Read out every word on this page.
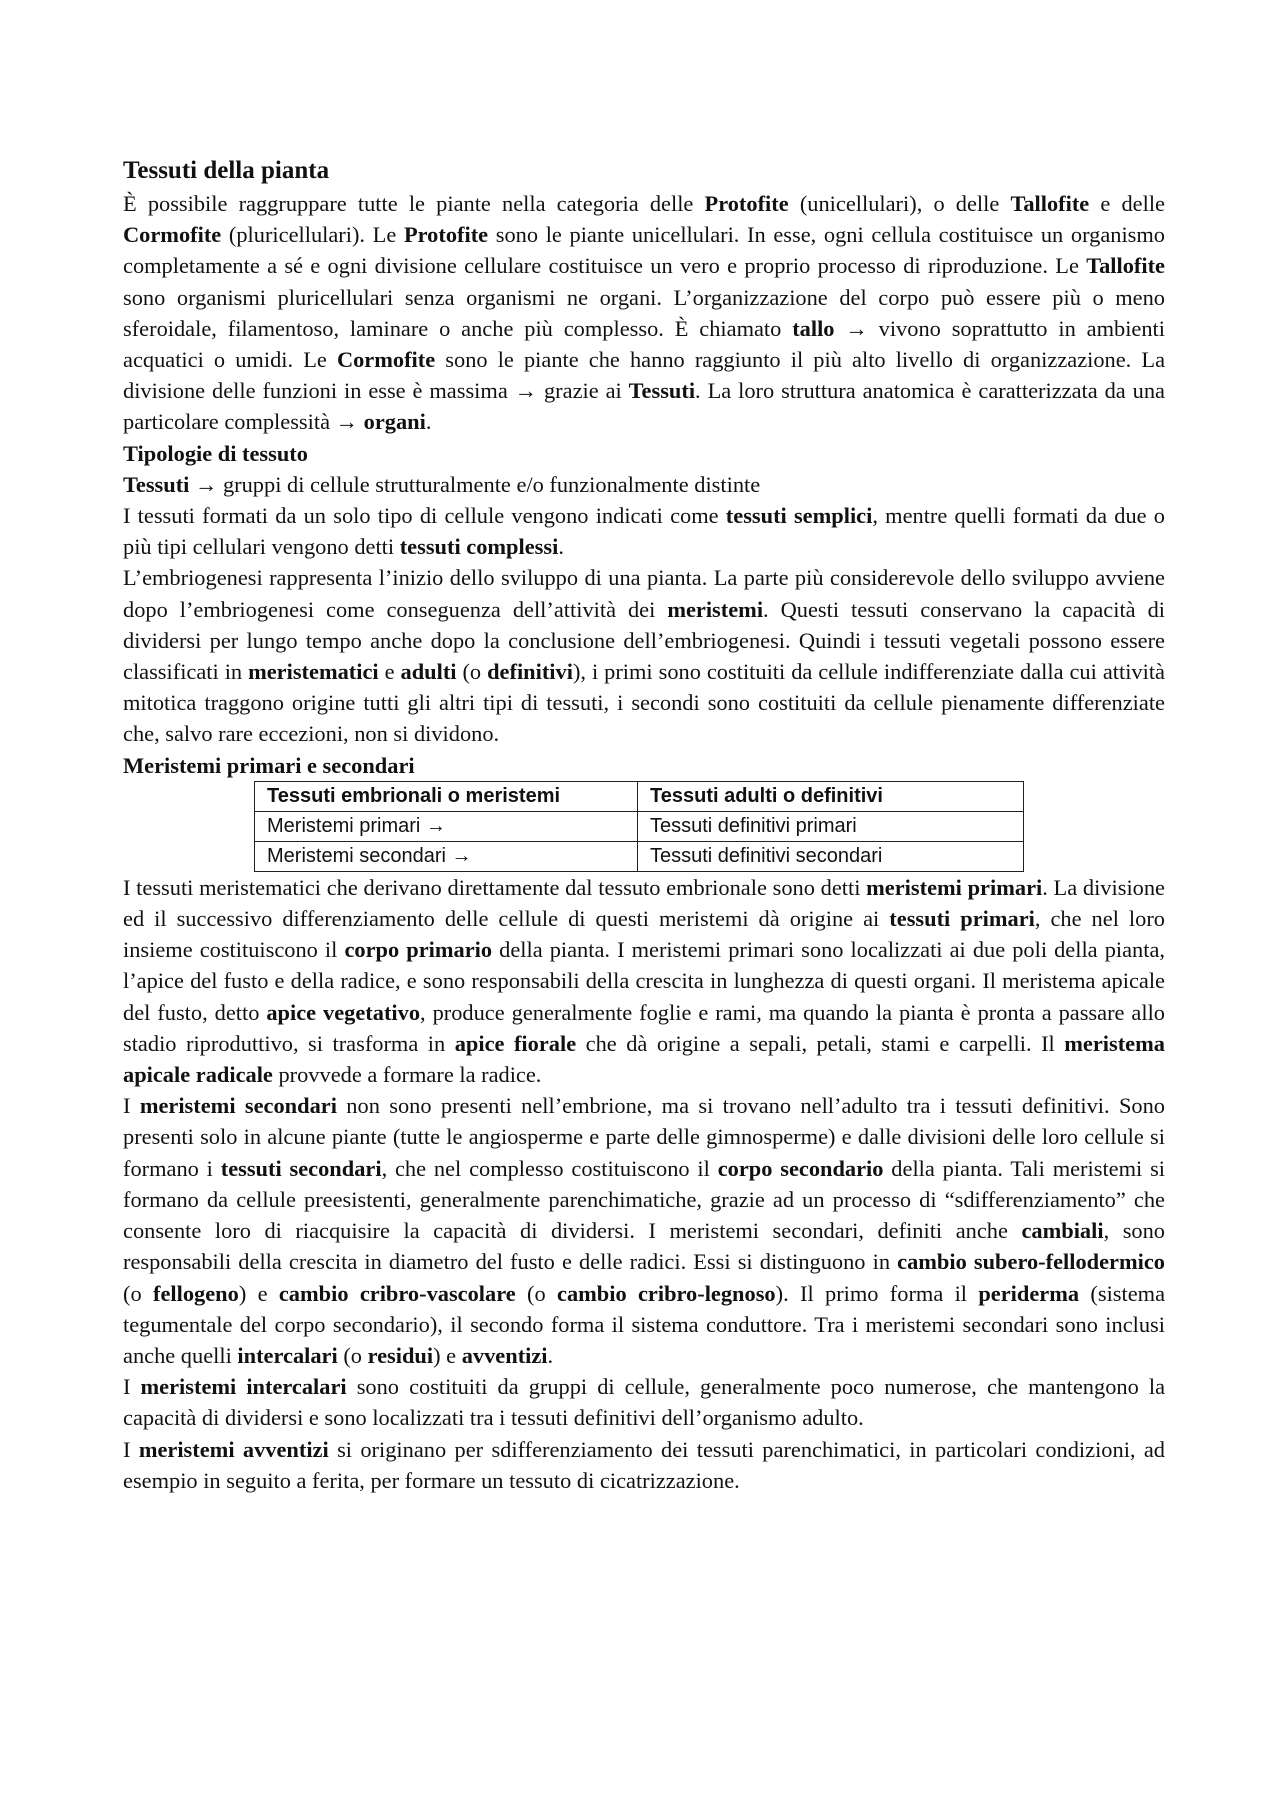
Tessuti della pianta

È possibile raggruppare tutte le piante nella categoria delle Protofite (unicellulari), o delle Tallofite e delle Cormofite (pluricellulari). Le Protofite sono le piante unicellulari. In esse, ogni cellula costituisce un organismo completamente a sé e ogni divisione cellulare costituisce un vero e proprio processo di riproduzione. Le Tallofite sono organismi pluricellulari senza organismi ne organi. L’organizzazione del corpo può essere più o meno sferoidale, filamentoso, laminare o anche più complesso. È chiamato tallo → vivono soprattutto in ambienti acquatici o umidi. Le Cormofite sono le piante che hanno raggiunto il più alto livello di organizzazione. La divisione delle funzioni in esse è massima → grazie ai Tessuti. La loro struttura anatomica è caratterizzata da una particolare complessità → organi.

Tipologie di tessuto

Tessuti → gruppi di cellule strutturalmente e/o funzionalmente distinte

I tessuti formati da un solo tipo di cellule vengono indicati come tessuti semplici, mentre quelli formati da due o più tipi cellulari vengono detti tessuti complessi.

L’embriogenesi rappresenta l’inizio dello sviluppo di una pianta. La parte più considerevole dello sviluppo avviene dopo l’embriogenesi come conseguenza dell’attività dei meristemi. Questi tessuti conservano la capacità di dividersi per lungo tempo anche dopo la conclusione dell’embriogenesi. Quindi i tessuti vegetali possono essere classificati in meristematici e adulti (o definitivi), i primi sono costituiti da cellule indifferenziate dalla cui attività mitotica traggono origine tutti gli altri tipi di tessuti, i secondi sono costituiti da cellule pienamente differenziate che, salvo rare eccezioni, non si dividono.

Meristemi primari e secondari
Tessuti embrionali o meristemi	Tessuti adulti o definitivi
Meristemi primari →	Tessuti definitivi primari
Meristemi secondari →	Tessuti definitivi secondari

I tessuti meristematici che derivano direttamente dal tessuto embrionale sono detti meristemi primari. La divisione ed il successivo differenziamento delle cellule di questi meristemi dà origine ai tessuti primari, che nel loro insieme costituiscono il corpo primario della pianta. I meristemi primari sono localizzati ai due poli della pianta, l’apice del fusto e della radice, e sono responsabili della crescita in lunghezza di questi organi. Il meristema apicale del fusto, detto apice vegetativo, produce generalmente foglie e rami, ma quando la pianta è pronta a passare allo stadio riproduttivo, si trasforma in apice fiorale che dà origine a sepali, petali, stami e carpelli. Il meristema apicale radicale provvede a formare la radice.

I meristemi secondari non sono presenti nell’embrione, ma si trovano nell’adulto tra i tessuti definitivi. Sono presenti solo in alcune piante (tutte le angiosperme e parte delle gimnosperme) e dalle divisioni delle loro cellule si formano i tessuti secondari, che nel complesso costituiscono il corpo secondario della pianta. Tali meristemi si formano da cellule preesistenti, generalmente parenchimatiche, grazie ad un processo di “sdifferenziamento” che consente loro di riacquisire la capacità di dividersi. I meristemi secondari, definiti anche cambiali, sono responsabili della crescita in diametro del fusto e delle radici. Essi si distinguono in cambio subero-fellodermico (o fellogeno) e cambio cribro-vascolare (o cambio cribro-legnoso). Il primo forma il periderma (sistema tegumentale del corpo secondario), il secondo forma il sistema conduttore. Tra i meristemi secondari sono inclusi anche quelli intercalari (o residui) e avventizi.

I meristemi intercalari sono costituiti da gruppi di cellule, generalmente poco numerose, che mantengono la capacità di dividersi e sono localizzati tra i tessuti definitivi dell’organismo adulto.

I meristemi avventizi si originano per sdifferenziamento dei tessuti parenchimatici, in particolari condizioni, ad esempio in seguito a ferita, per formare un tessuto di cicatrizzazione.
